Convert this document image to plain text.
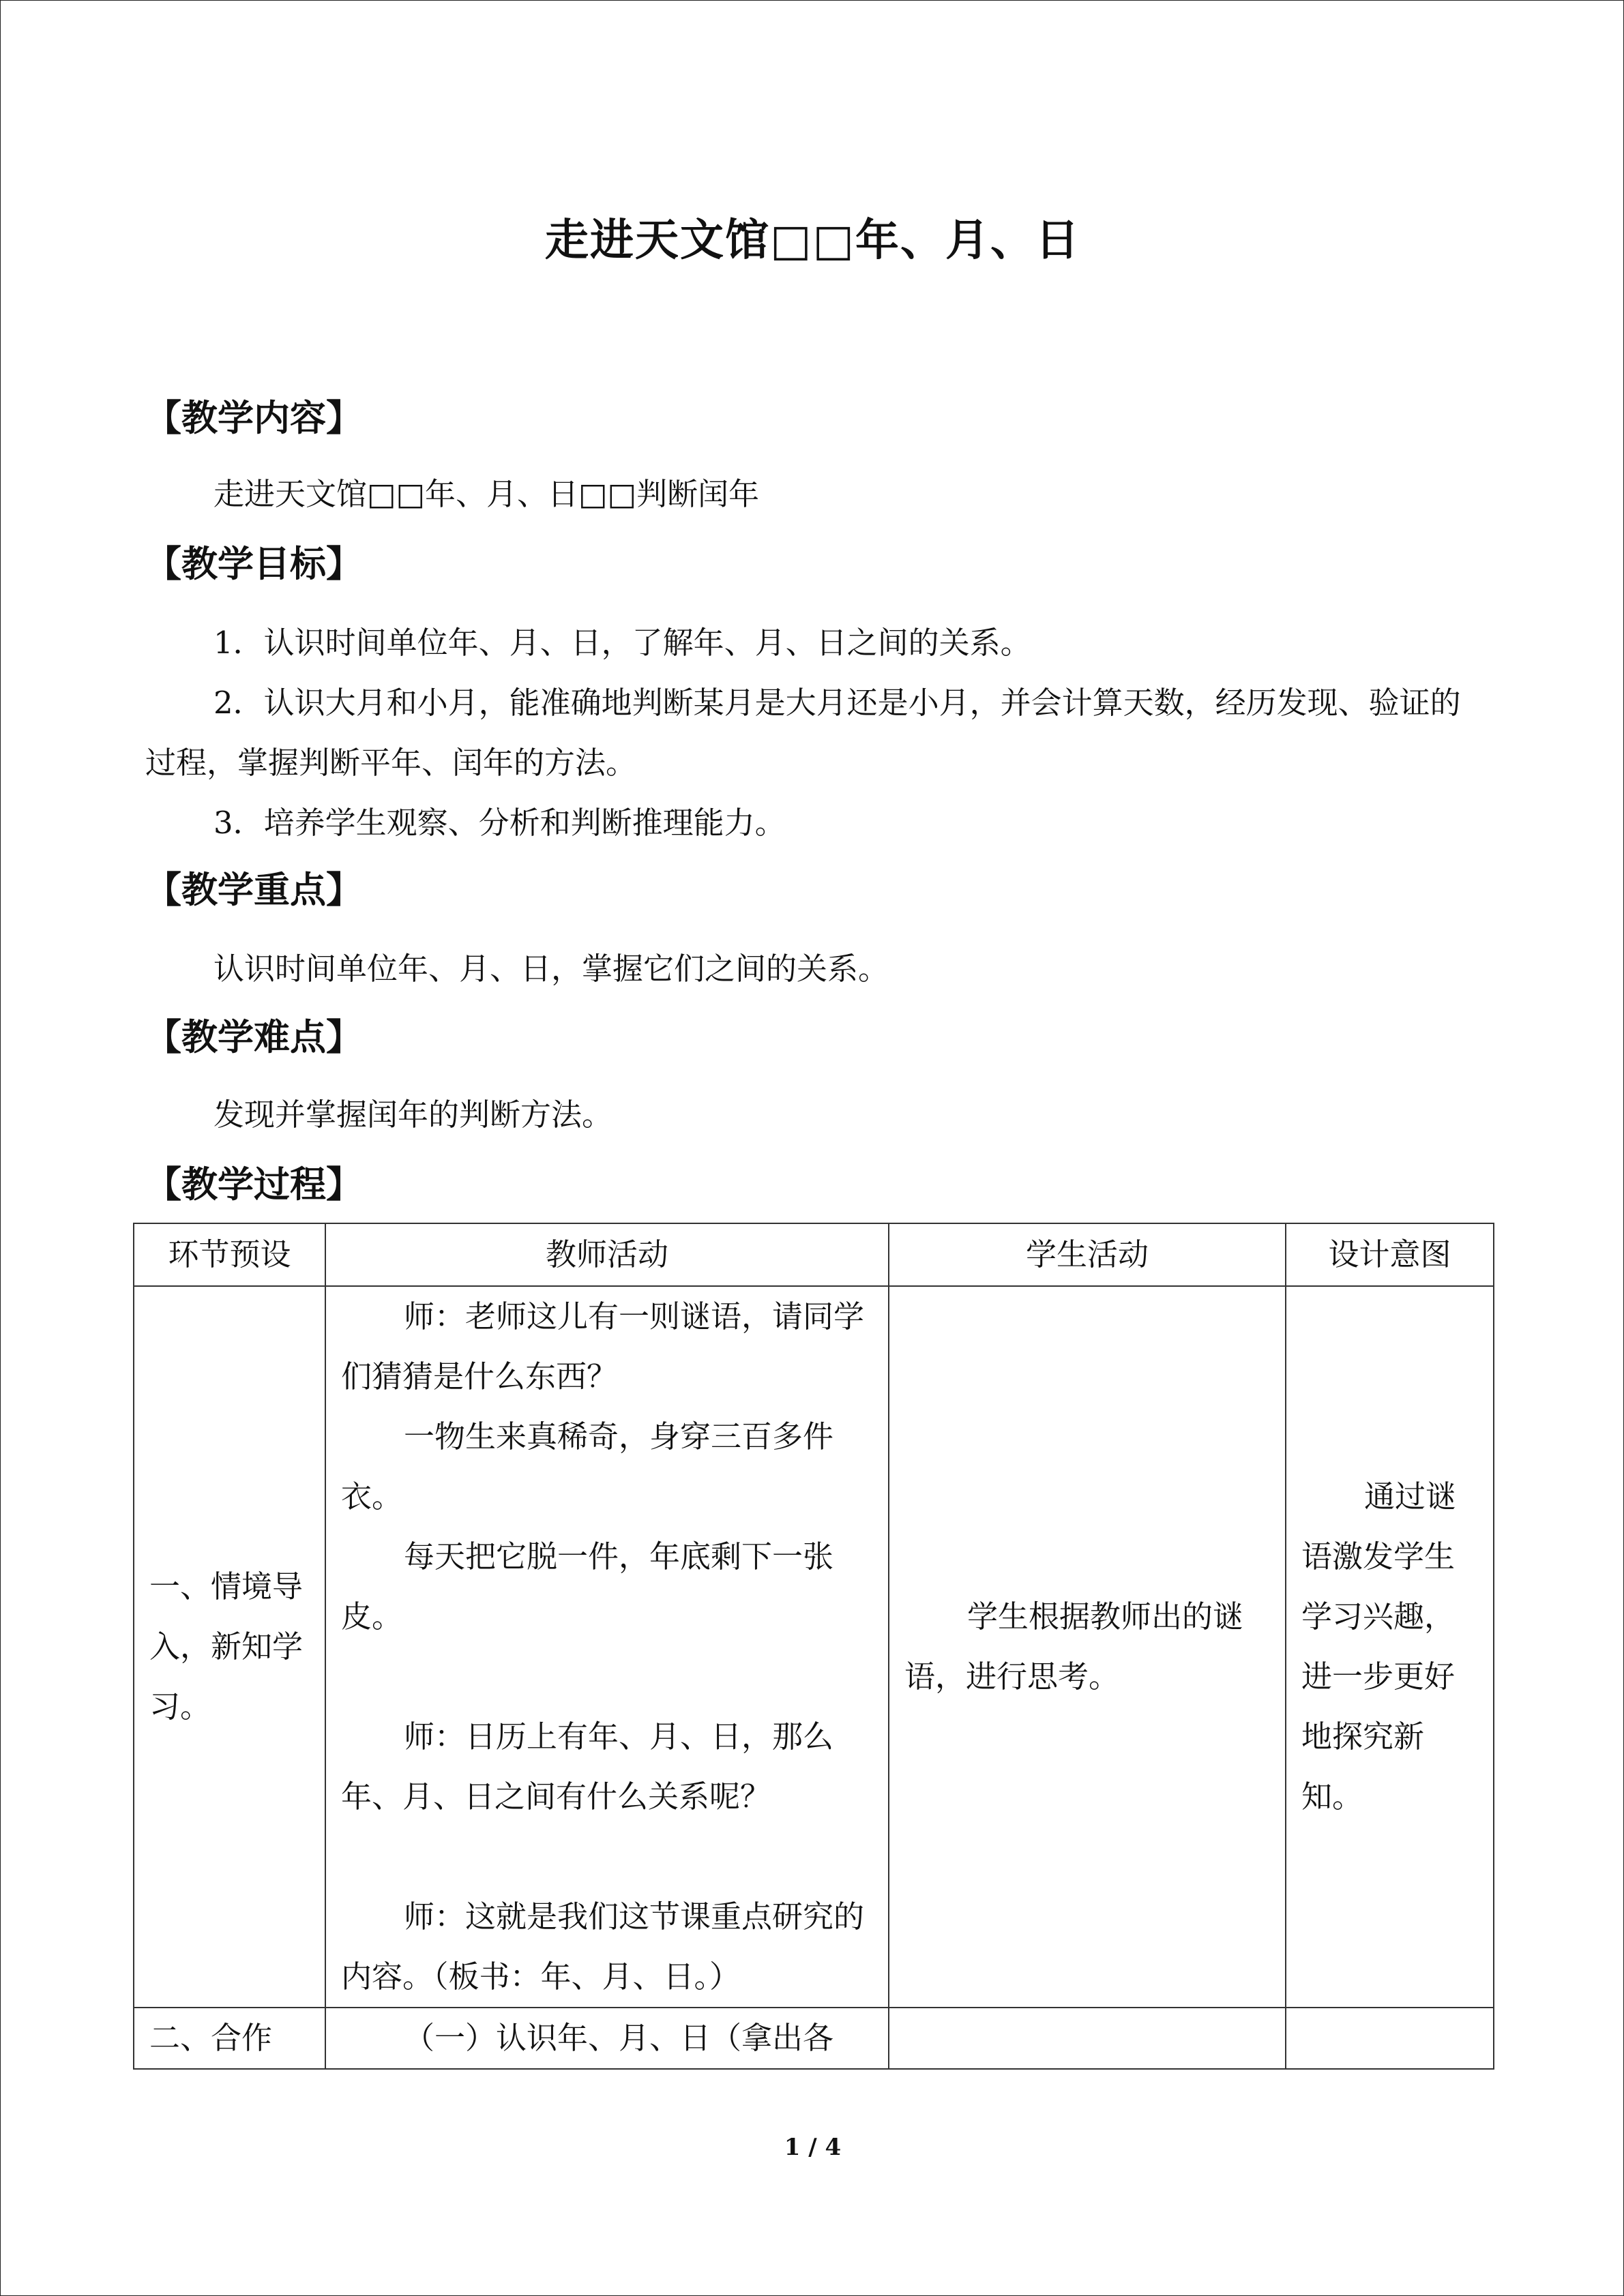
走进天文馆□□年、月、日
【教学内容】
走进天文馆□□年、月、日□□判断闰年
【教学目标】

1．认识时间单位年、月、日，了解年、月、日之间的关系。

2．认识大月和小月，能准确地判断某月是大月还是小月，并会计算天数，经历发现、验证的过程，掌握判断平年、闰年的方法。

3．培养学生观察、分析和判断推理能力。

【教学重点】
认识时间单位年、月、日，掌握它们之间的关系。
【教学难点】
发现并掌握闰年的判断方法。
【教学过程】
环节预设	教师活动	学生活动	设计意图
一、情境导入，新知学习。	师：老师这儿有一则谜语，请同学们猜猜是什么东西？

一物生来真稀奇，身穿三百多件衣。

每天把它脱一件，年底剩下一张皮。

师：日历上有年、月、日，那么年、月、日之间有什么关系呢？

师：这就是我们这节课重点研究的内容。（板书：年、月、日。）	学生根据教师出的谜语，进行思考。	通过谜语激发学生学习兴趣，进一步更好地探究新知。

二、合作	（一）认识年、月、日（拿出各		

1 / 4
